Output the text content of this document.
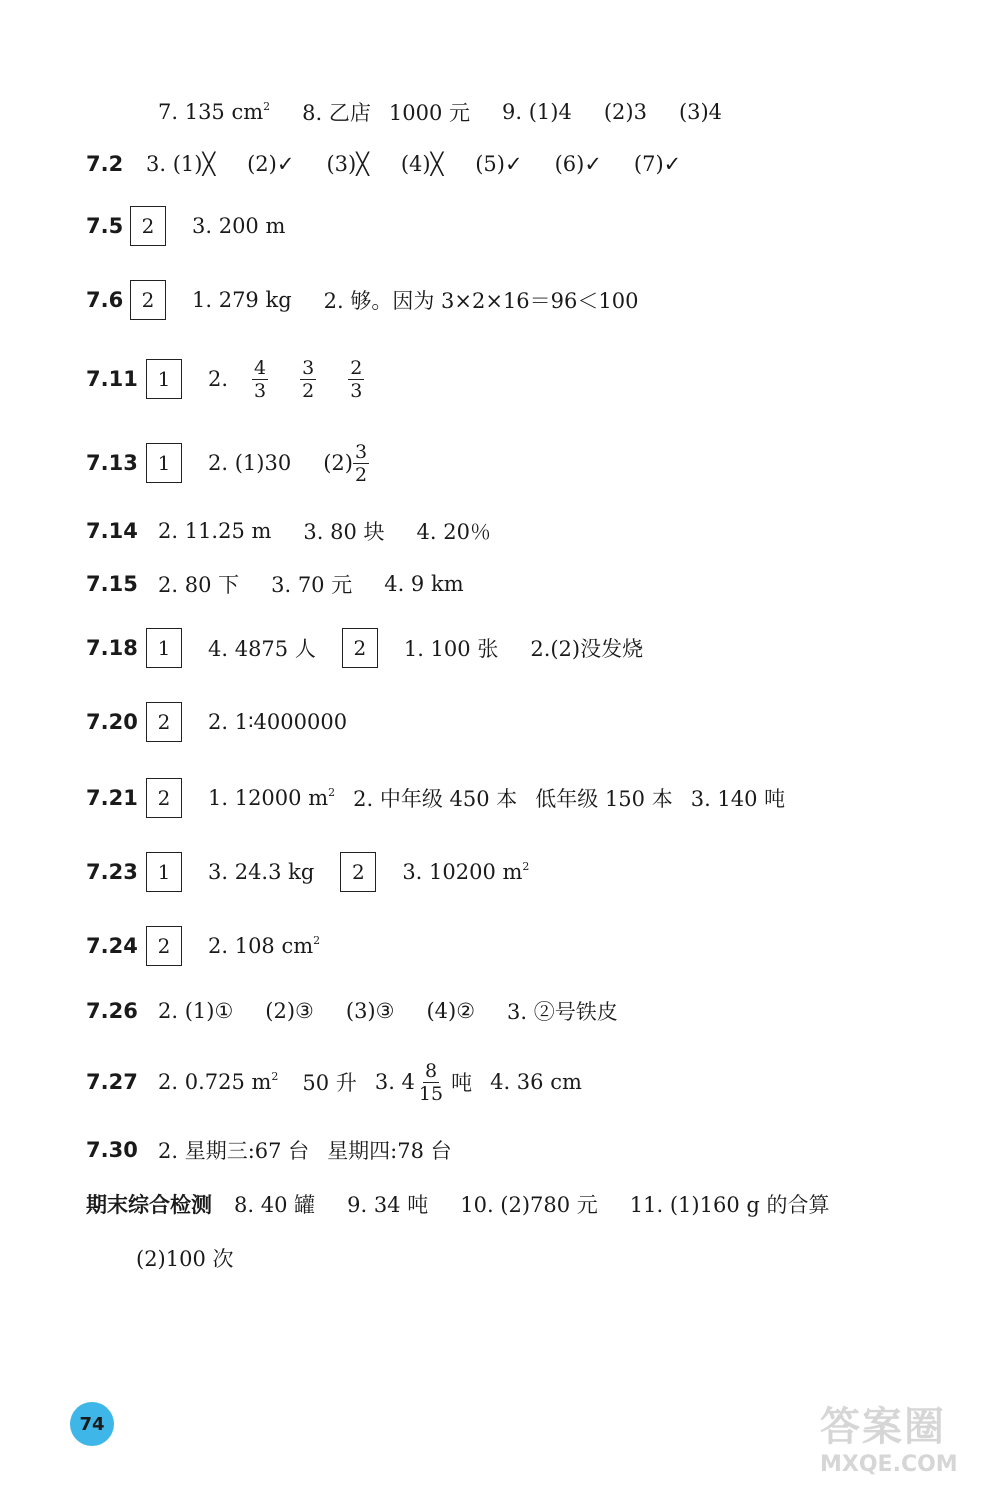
7. 135 $cm^2$ 8. 乙店 1000 元 9. (1)4 (2)3 (3)4
7.2	3. (1)╳ (2)✓ (3)╳ (4)╳ (5)✓ (6)✓ (7)✓
7.5 2	3. 200 m
7.6 2	1. 279 kg 2. 够。因为 3×2×16＝96＜100
7.11 1	2. $\frac{4}{3} \frac{3}{2} \frac{2}{3}$
7.13 1	2. (1)30 $(2) \frac{3}{2}$
7.14 2. 11.25 m 3. 80 块 4. 20％
7.15 2. 80 下 3. 70 元 4. 9 km
7.18 1	4. 4875 人	2	1. 100 张 2.(2)没发烧
7.20 2	2. 1∶4000000
7.21 2	1. 12000 $m^2$ 2. 中年级 450 本 低年级 150 本 3. 140 吨
7.23 1	3. 24.3 kg	2	3. 10200 $m^2$
7.24 2	2. 108 $cm^2$
7.26 2. (1)① (2)③ (3)③ (4)② 3. ②号铁皮
7.27 2. 0.725 $m^2$ 50 升 3. $4 \frac{8}{15}$ 吨 4. 36 cm
7.30 2. 星期三:67 台 星期四:78 台
期末综合检测 8. 40 罐 9. 34 吨 10. (2)780 元 11. (1)160 g 的合算
(2)100 次
74	答案圈
MXQE.COM
